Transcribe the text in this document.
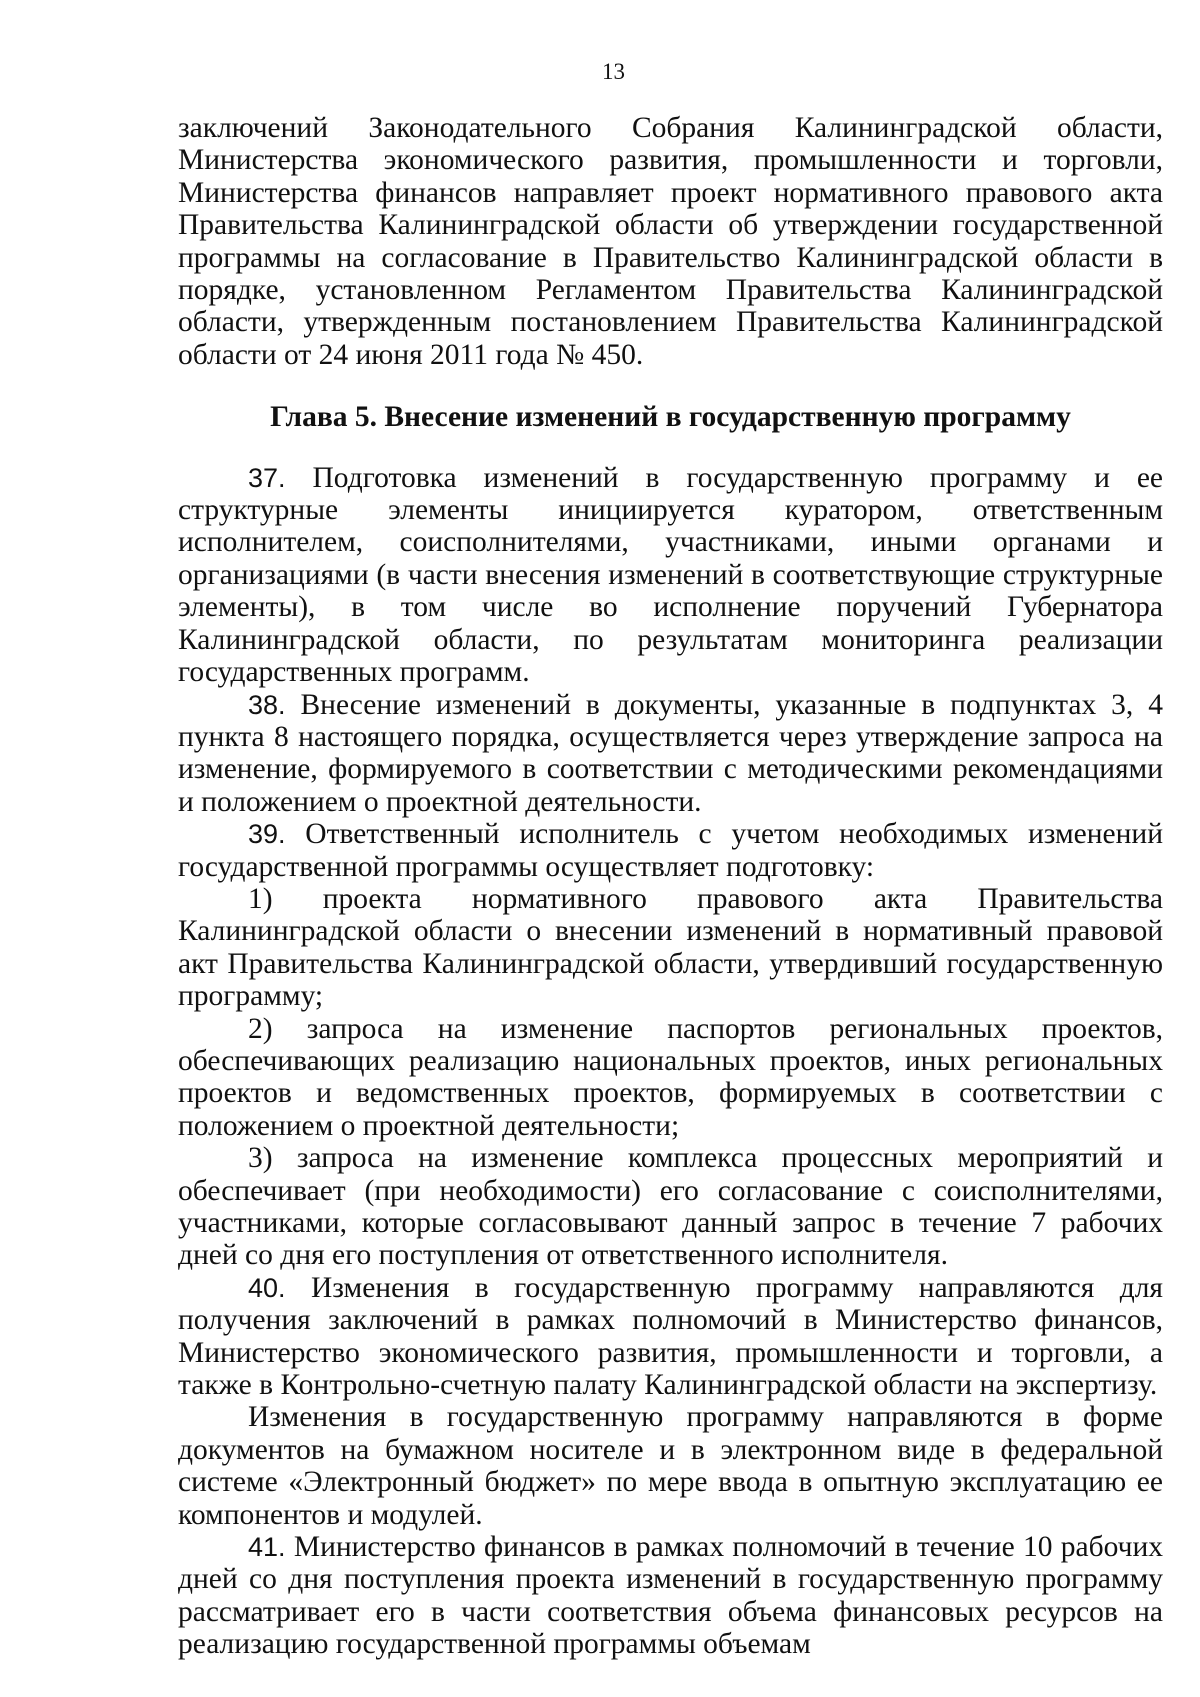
13

заключений Законодательного Собрания Калининградской области, Министерства экономического развития, промышленности и торговли, Министерства финансов направляет проект нормативного правового акта Правительства Калининградской области об утверждении государственной программы на согласование в Правительство Калининградской области в порядке, установленном Регламентом Правительства Калининградской области, утвержденным постановлением Правительства Калининградской области от 24 июня 2011 года № 450.

Глава 5. Внесение изменений в государственную программу

37. Подготовка изменений в государственную программу и ее структурные элементы инициируется куратором, ответственным исполнителем, соисполнителями, участниками, иными органами и организациями (в части внесения изменений в соответствующие структурные элементы), в том числе во исполнение поручений Губернатора Калининградской области, по результатам мониторинга реализации государственных программ.

38. Внесение изменений в документы, указанные в подпунктах 3, 4 пункта 8 настоящего порядка, осуществляется через утверждение запроса на изменение, формируемого в соответствии с методическими рекомендациями и положением о проектной деятельности.

39. Ответственный исполнитель с учетом необходимых изменений государственной программы осуществляет подготовку:

1) проекта нормативного правового акта Правительства Калининградской области о внесении изменений в нормативный правовой акт Правительства Калининградской области, утвердивший государственную программу;

2) запроса на изменение паспортов региональных проектов, обеспечивающих реализацию национальных проектов, иных региональных проектов и ведомственных проектов, формируемых в соответствии с положением о проектной деятельности;

3) запроса на изменение комплекса процессных мероприятий и обеспечивает (при необходимости) его согласование с соисполнителями, участниками, которые согласовывают данный запрос в течение 7 рабочих дней со дня его поступления от ответственного исполнителя.

40. Изменения в государственную программу направляются для получения заключений в рамках полномочий в Министерство финансов, Министерство экономического развития, промышленности и торговли, а также в Контрольно-счетную палату Калининградской области на экспертизу.

Изменения в государственную программу направляются в форме документов на бумажном носителе и в электронном виде в федеральной системе «Электронный бюджет» по мере ввода в опытную эксплуатацию ее компонентов и модулей.

41. Министерство финансов в рамках полномочий в течение 10 рабочих дней со дня поступления проекта изменений в государственную программу рассматривает его в части соответствия объема финансовых ресурсов на реализацию государственной программы объемам
